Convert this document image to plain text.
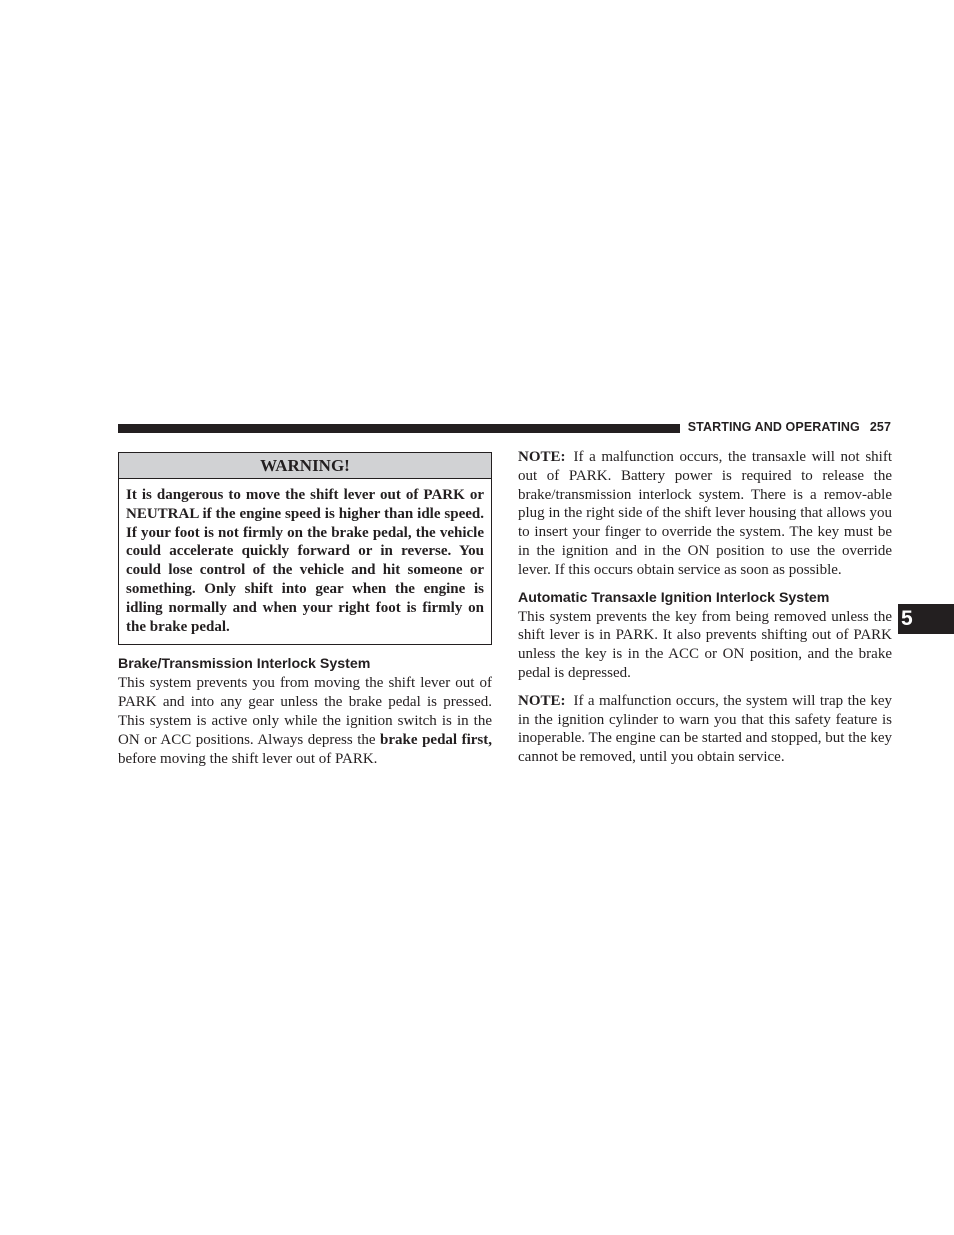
STARTING AND OPERATING 257
5
WARNING!
It is dangerous to move the shift lever out of PARK or NEUTRAL if the engine speed is higher than idle speed. If your foot is not firmly on the brake pedal, the vehicle could accelerate quickly forward or in reverse. You could lose control of the vehicle and hit someone or something. Only shift into gear when the engine is idling normally and when your right foot is firmly on the brake pedal.
Brake/Transmission Interlock System

This system prevents you from moving the shift lever out of PARK and into any gear unless the brake pedal is pressed. This system is active only while the ignition switch is in the ON or ACC positions. Always depress the brake pedal first, before moving the shift lever out of PARK.

NOTE: If a malfunction occurs, the transaxle will not shift out of PARK. Battery power is required to release the brake/transmission interlock system. There is a remov-able plug in the right side of the shift lever housing that allows you to insert your finger to override the system. The key must be in the ignition and in the ON position to use the override lever. If this occurs obtain service as soon as possible.

Automatic Transaxle Ignition Interlock System

This system prevents the key from being removed unless the shift lever is in PARK. It also prevents shifting out of PARK unless the key is in the ACC or ON position, and the brake pedal is depressed.

NOTE: If a malfunction occurs, the system will trap the key in the ignition cylinder to warn you that this safety feature is inoperable. The engine can be started and stopped, but the key cannot be removed, until you obtain service.
